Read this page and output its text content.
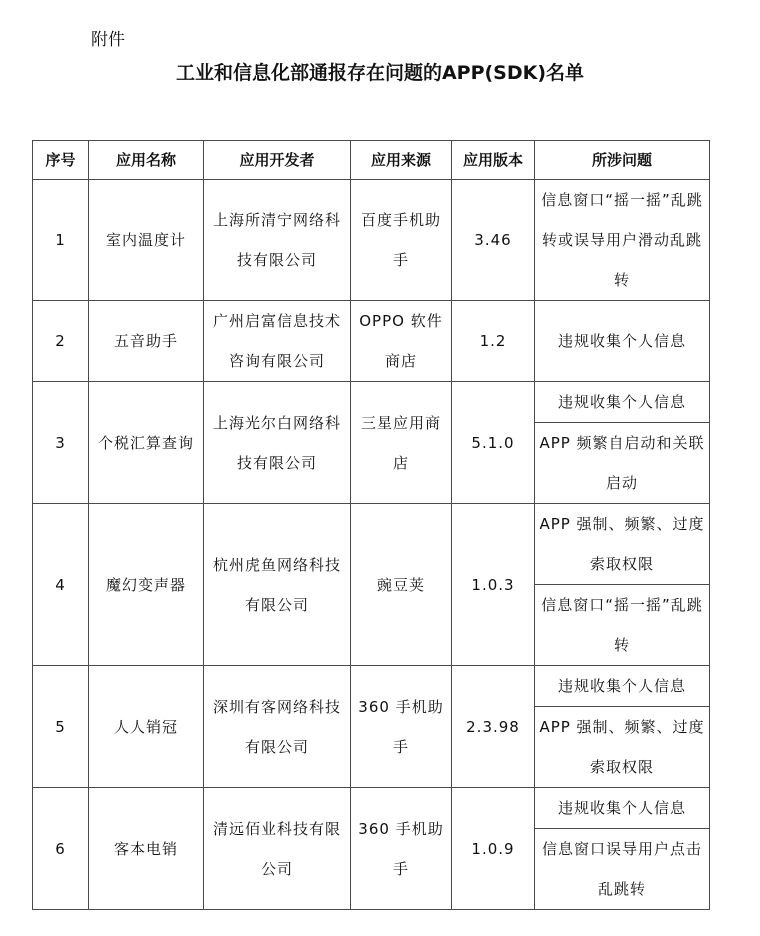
附件
工业和信息化部通报存在问题的APP(SDK)名单
序号	应用名称	应用开发者	应用来源	应用版本	所涉问题
1	室内温度计	上海所清宁网络科技有限公司	百度手机助手	3.46	信息窗口“摇一摇”乱跳转或误导用户滑动乱跳转
2	五音助手	广州启富信息技术咨询有限公司	OPPO 软件商店	1.2	违规收集个人信息
3	个税汇算查询	上海光尔白网络科技有限公司	三星应用商店	5.1.0	违规收集个人信息
					APP 频繁自启动和关联启动
4	魔幻变声器	杭州虎鱼网络科技有限公司	豌豆荚	1.0.3	APP 强制、频繁、过度索取权限
					信息窗口“摇一摇”乱跳转
5	人人销冠	深圳有客网络科技有限公司	360 手机助手	2.3.98	违规收集个人信息
					APP 强制、频繁、过度索取权限
6	客本电销	清远佰业科技有限公司	360 手机助手	1.0.9	违规收集个人信息
					信息窗口误导用户点击乱跳转
